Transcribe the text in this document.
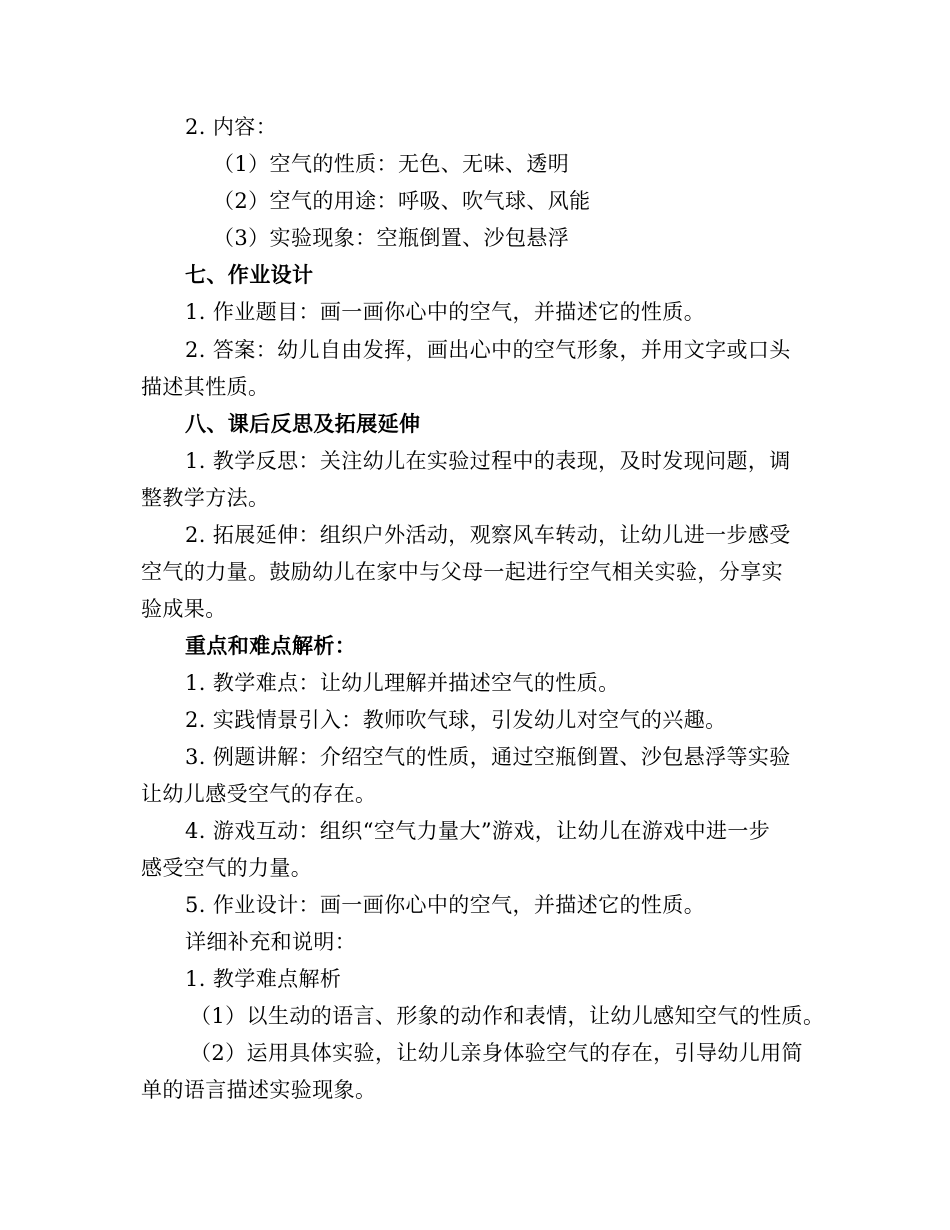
2. 内容：
（1）空气的性质：无色、无味、透明
（2）空气的用途：呼吸、吹气球、风能
（3）实验现象：空瓶倒置、沙包悬浮
七、作业设计
1. 作业题目：画一画你心中的空气，并描述它的性质。
2. 答案：幼儿自由发挥，画出心中的空气形象，并用文字或口头
描述其性质。
八、课后反思及拓展延伸
1. 教学反思：关注幼儿在实验过程中的表现，及时发现问题，调
整教学方法。
2. 拓展延伸：组织户外活动，观察风车转动，让幼儿进一步感受
空气的力量。鼓励幼儿在家中与父母一起进行空气相关实验，分享实
验成果。
重点和难点解析：
1. 教学难点：让幼儿理解并描述空气的性质。
2. 实践情景引入：教师吹气球，引发幼儿对空气的兴趣。
3. 例题讲解：介绍空气的性质，通过空瓶倒置、沙包悬浮等实验
让幼儿感受空气的存在。
4. 游戏互动：组织“空气力量大”游戏，让幼儿在游戏中进一步
感受空气的力量。
5. 作业设计：画一画你心中的空气，并描述它的性质。
详细补充和说明：
1. 教学难点解析
（1）以生动的语言、形象的动作和表情，让幼儿感知空气的性质。
（2）运用具体实验，让幼儿亲身体验空气的存在，引导幼儿用简
单的语言描述实验现象。
